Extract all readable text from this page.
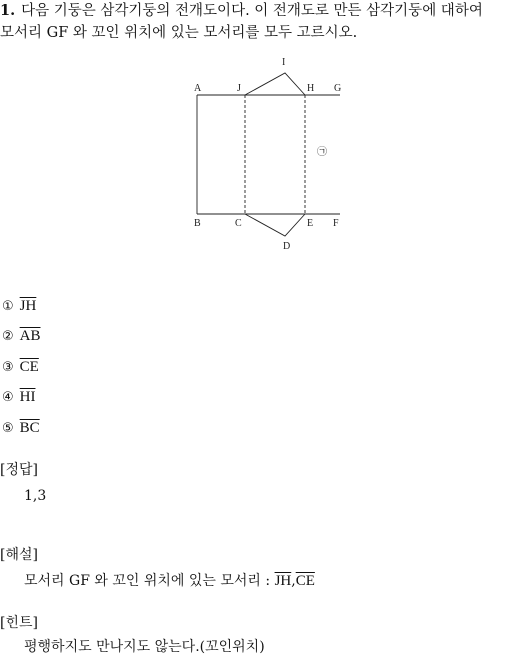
1. 다음 기둥은 삼각기둥의 전개도이다. 이 전개도로 만든 삼각기둥에 대하여
모서리 GF 와 꼬인 위치에 있는 모서리를 모두 고르시오.
A	J
I
H G
B	C	E F
D
㉠
① $\overline{JH}$
② $\overline{AB}$
③ $\overline{CE}$
④ $\overline{HI}$
⑤ $\overline{BC}$
[정답]
1,3
[해설]
모서리 GF 와 꼬인 위치에 있는 모서리 : $\overline{JH},\overline{CE}$
[힌트]
평행하지도 만나지도 않는다.(꼬인위치)
